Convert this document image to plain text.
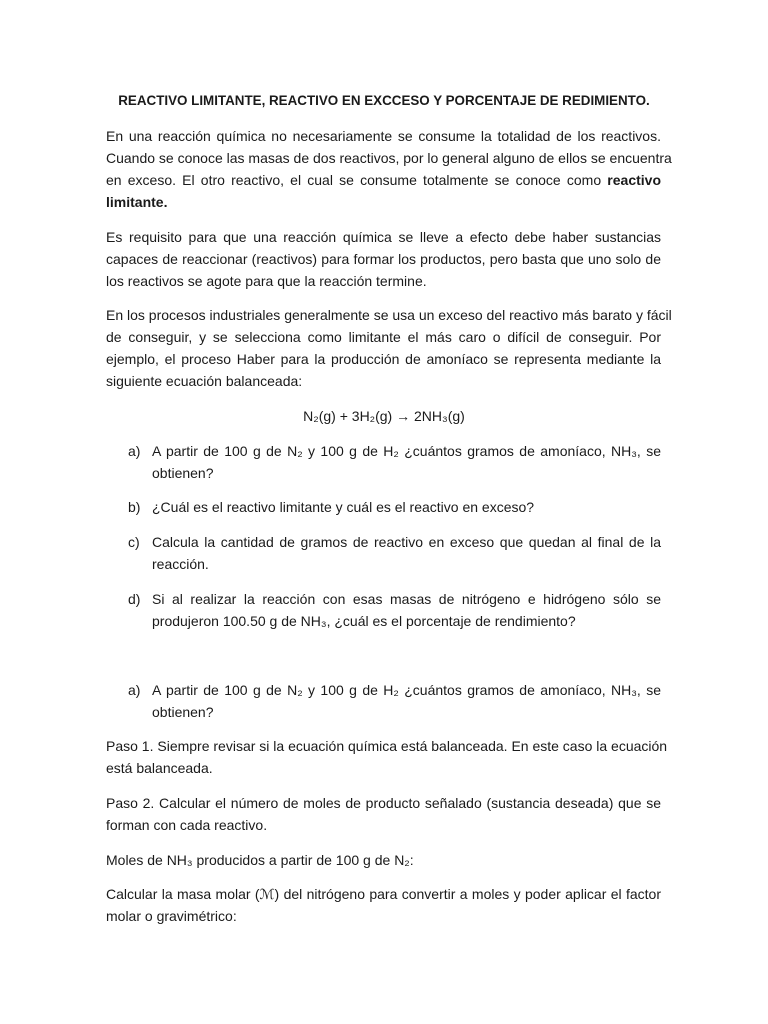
REACTIVO LIMITANTE, REACTIVO EN EXCCESO Y PORCENTAJE DE REDIMIENTO.
En una reacción química no necesariamente se consume la totalidad de los reactivos.
Cuando se conoce las masas de dos reactivos, por lo general alguno de ellos se encuentra
en exceso. El otro reactivo, el cual se consume totalmente se conoce como reactivo
limitante.
Es requisito para que una reacción química se lleve a efecto debe haber sustancias
capaces de reaccionar (reactivos) para formar los productos, pero basta que uno solo de
los reactivos se agote para que la reacción termine.
En los procesos industriales generalmente se usa un exceso del reactivo más barato y fácil
de conseguir, y se selecciona como limitante el más caro o difícil de conseguir. Por
ejemplo, el proceso Haber para la producción de amoníaco se representa mediante la
siguiente ecuación balanceada:
N₂(g) + 3H₂(g) → 2NH₃(g)
a) A partir de 100 g de N₂ y 100 g de H₂ ¿cuántos gramos de amoníaco, NH₃, se
obtienen?
b) ¿Cuál es el reactivo limitante y cuál es el reactivo en exceso?
c) Calcula la cantidad de gramos de reactivo en exceso que quedan al final de la
reacción.
d) Si al realizar la reacción con esas masas de nitrógeno e hidrógeno sólo se
produjeron 100.50 g de NH₃, ¿cuál es el porcentaje de rendimiento?
a) A partir de 100 g de N₂ y 100 g de H₂ ¿cuántos gramos de amoníaco, NH₃, se
obtienen?
Paso 1. Siempre revisar si la ecuación química está balanceada. En este caso la ecuación
está balanceada.
Paso 2. Calcular el número de moles de producto señalado (sustancia deseada) que se
forman con cada reactivo.
Moles de NH₃ producidos a partir de 100 g de N₂:
Calcular la masa molar (ℳ) del nitrógeno para convertir a moles y poder aplicar el factor
molar o gravimétrico:
